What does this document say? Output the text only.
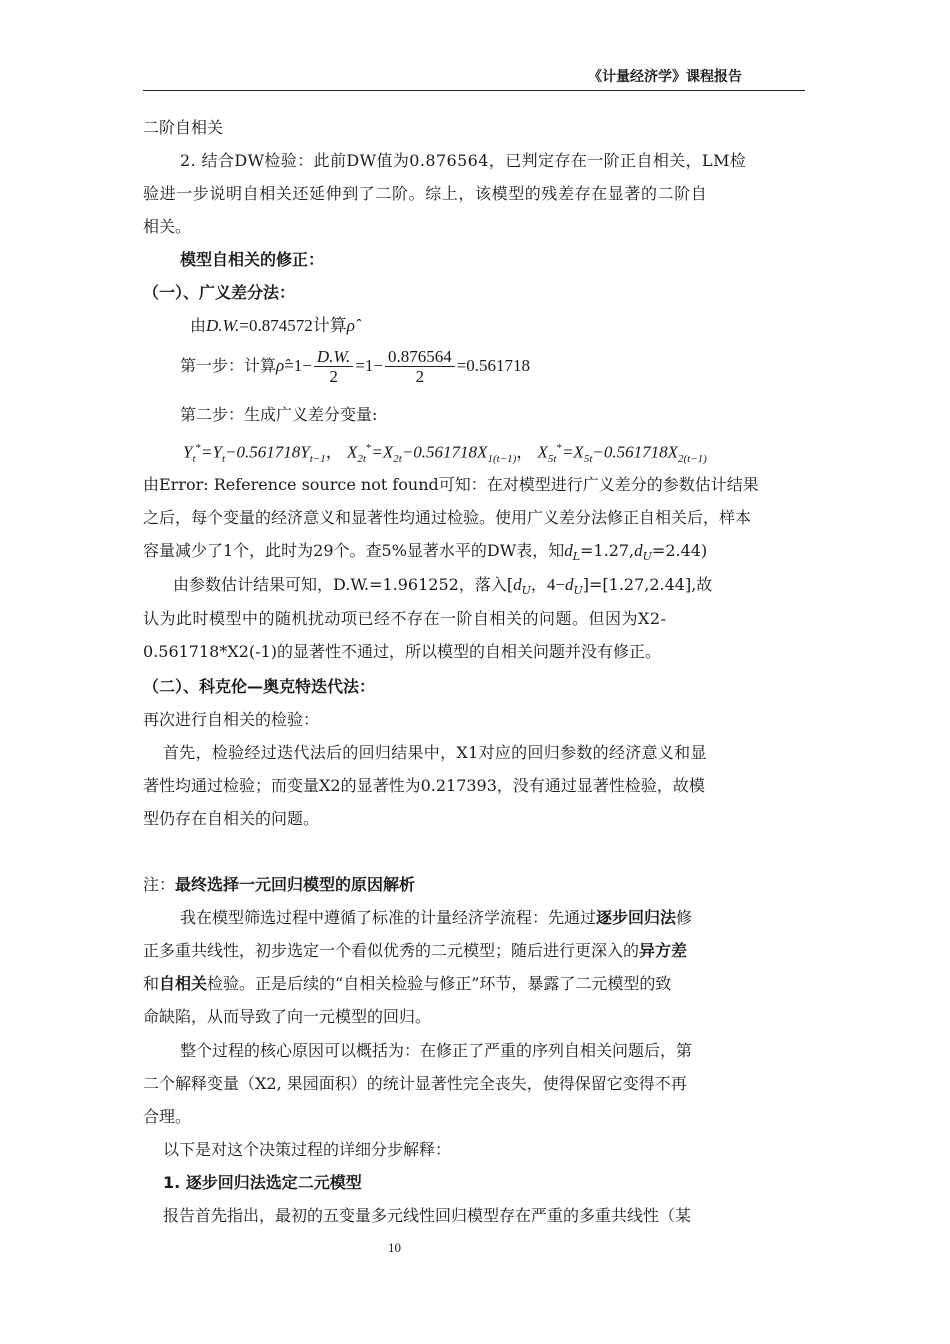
《计量经济学》课程报告
二阶自相关
2. 结合DW检验：此前DW值为0.876564，已判定存在一阶正自相关，LM检
验进一步说明自相关还延伸到了二阶。综上，该模型的残差存在显著的二阶自
相关。
模型自相关的修正：
（一）、广义差分法：
由D.W.=0.874572计算ρ̂
第一步：计算ρ̂=1− $\frac{D.W.}{2} =1- \frac{0.876564}{2} =0.561718$
第二步：生成广义差分变量:
$Y_t^*=Y_t-0.561718Y_{t-1}$， $X_{2t}^*=X_{2t}-0.561718X_{1(t-1)}$， $X_{5t}^*=X_{5t}-0.561718X_{2(t-1)}$
由Error: Reference source not found可知：在对模型进行广义差分的参数估计结果
之后，每个变量的经济意义和显著性均通过检验。使用广义差分法修正自相关后，样本
容量减少了1个，此时为29个。查5%显著水平的DW表，知$d_L=1.27,d_U=2.44$)
由参数估计结果可知，D.W.=1.961252，落入[$d_U$，$4-d_U]=[1.27,2.44]$,故
认为此时模型中的随机扰动项已经不存在一阶自相关的问题。但因为X2-
0.561718*X2(-1)的显著性不通过，所以模型的自相关问题并没有修正。
（二）、科克伦—奥克特迭代法：
再次进行自相关的检验：
首先，检验经过迭代法后的回归结果中，X1对应的回归参数的经济意义和显
著性均通过检验；而变量X2的显著性为0.217393，没有通过显著性检验，故模
型仍存在自相关的问题。
注：最终选择一元回归模型的原因解析
我在模型筛选过程中遵循了标准的计量经济学流程：先通过逐步回归法修
正多重共线性，初步选定一个看似优秀的二元模型；随后进行更深入的异方差
和自相关检验。正是后续的“自相关检验与修正”环节，暴露了二元模型的致
命缺陷，从而导致了向一元模型的回归。
整个过程的核心原因可以概括为：在修正了严重的序列自相关问题后，第
二个解释变量（X2, 果园面积）的统计显著性完全丧失，使得保留它变得不再
合理。
以下是对这个决策过程的详细分步解释：
1. 逐步回归法选定二元模型
报告首先指出，最初的五变量多元线性回归模型存在严重的多重共线性（某
10
